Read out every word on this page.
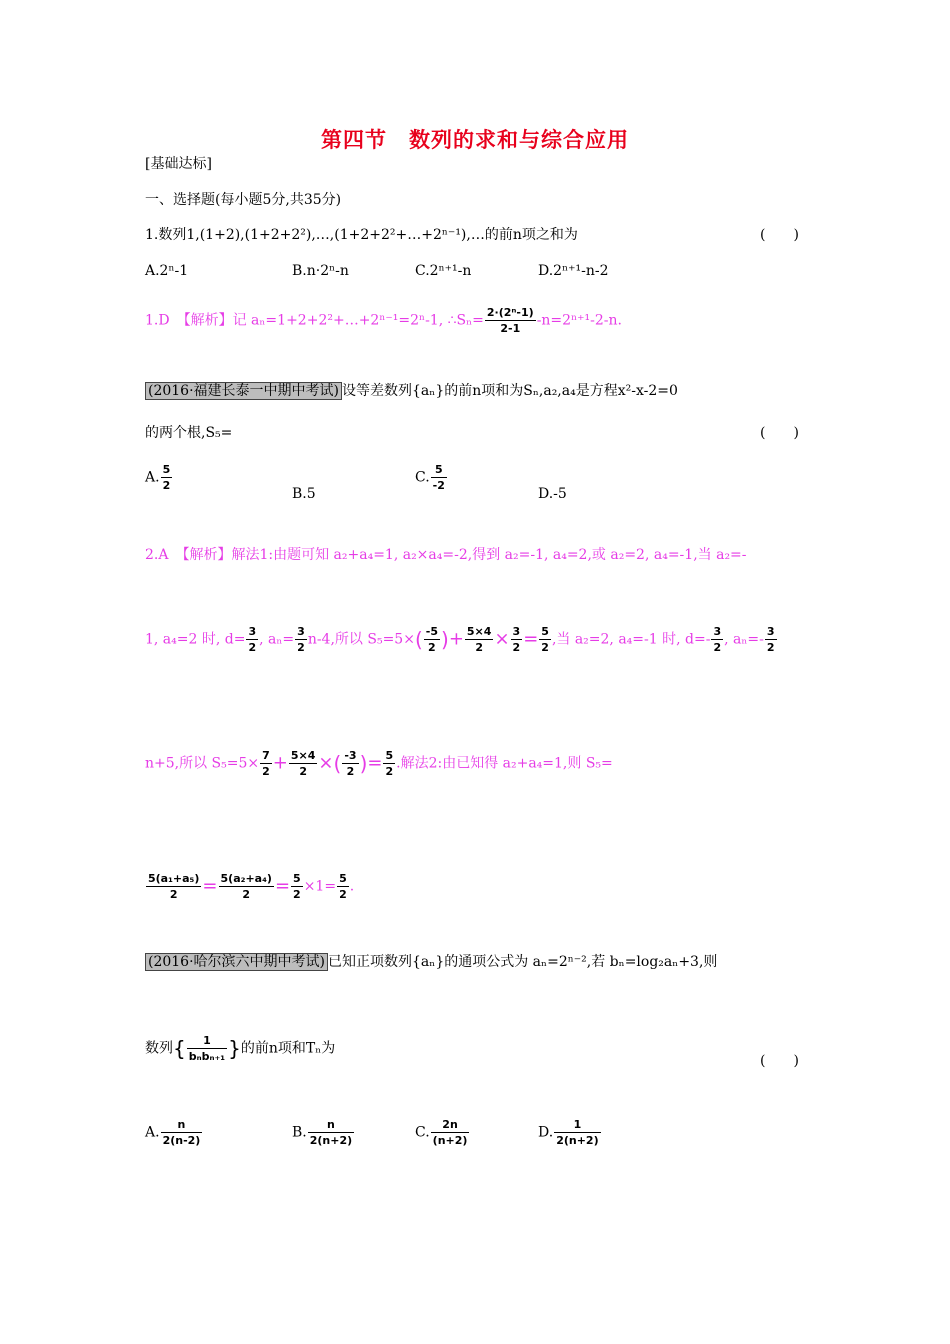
第四节　数列的求和与综合应用
[基础达标]
一、选择题(每小题5分,共35分)
1.数列1,(1+2),(1+2+2²),…,(1+2+2²+…+2ⁿ⁻¹),…的前n项之和为	(　　)
A.2ⁿ-1	B.n·2ⁿ-n	C.2ⁿ⁺¹-n	D.2ⁿ⁺¹-n-2
1.D　【解析】记 aₙ=1+2+2²+…+2ⁿ⁻¹=2ⁿ-1, ∴Sₙ= $\frac{\text{2·(2ⁿ-1)}}{2-1} -n=2^{n+1}-2-n$.
(2016·福建长泰一中期中考试) 设等差数列{aₙ}的前n项和为Sₙ,a₂,a₄是方程x²-x-2=0
的两个根,S₅=	(　　)
A. $\frac{5}{2}$
B.5
C. $\frac{5}{-2}$
D.-5
2.A　【解析】解法1:由题可知 a₂+a₄=1, a₂×a₄=-2,得到 a₂=-1, a₄=2,或 a₂=2, a₄=-1,当 a₂=-
1, a₄=2 时, $d= \frac{3}{2}$ , $a_n= \frac{3}{2} n-4$,所以 $S_5=5\times( \frac{-5}{2}$ )+ $\frac{5\times 4}{2} \times \frac{3}{2} = \frac{5}{2}$ ,当 a₂=2, a₄=-1 时, $d=- \frac{3}{2}$ , $a_n=- \frac{3}{2}$
n+5,所以 $S_5=5\times \frac{7}{2} + \frac{5\times 4}{2}$ ×( $\frac{-3}{2}$ )= $\frac{5}{2}$ .解法2:由已知得 a₂+a₄=1,则 S₅=
$\frac{\text{5(a₁+a₅)}}{2} = \frac{\text{5(a₂+a₄)}}{2} = \frac{5}{2} \times 1= \frac{5}{2}$ .
(2016·哈尔滨六中期中考试) 已知正项数列{aₙ}的通项公式为 aₙ=2ⁿ⁻²,若 bₙ=log₂aₙ+3,则
数列{ $\frac{1}{\text{bₙbₙ₊₁}}$ }的前n项和Tₙ为
(　　)
A. $\frac{n}{2(n-2)}$	B. $\frac{n}{2(n+2)}$	C. $\frac{2n}{(n+2)}$	D. $\frac{1}{2(n+2)}$
